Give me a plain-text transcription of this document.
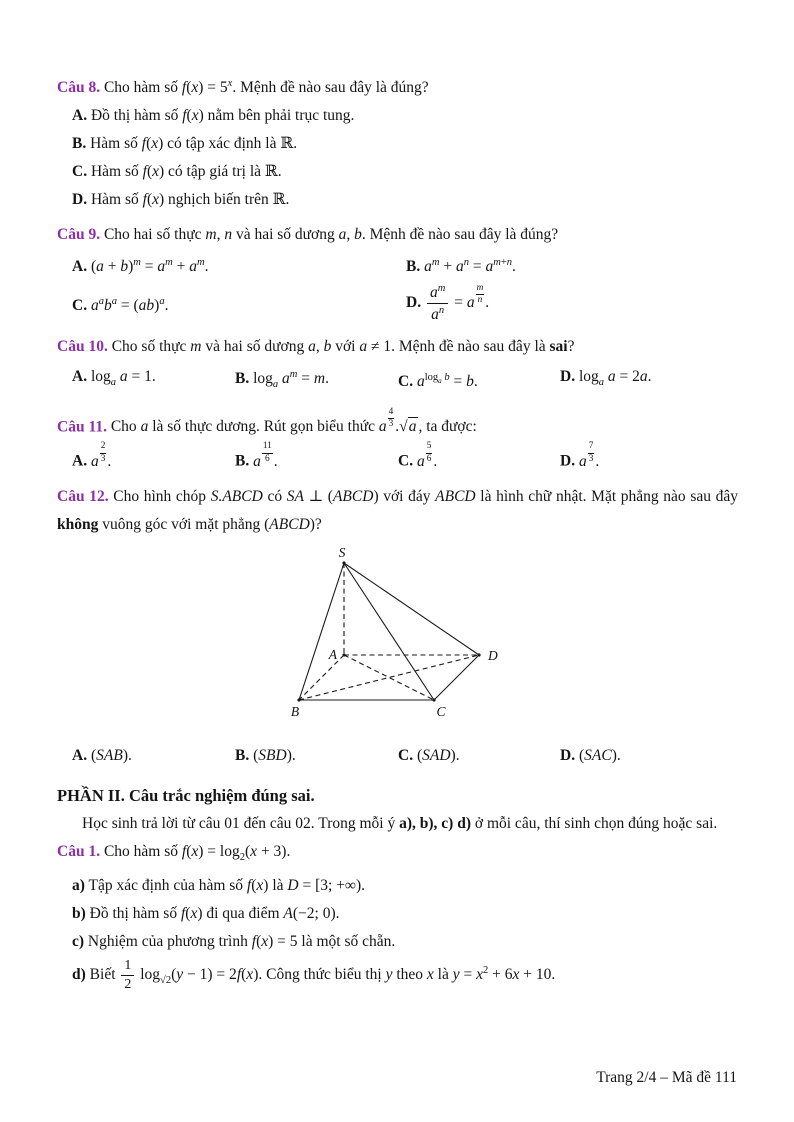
Câu 8. Cho hàm số $f(x) = 5^x$. Mệnh đề nào sau đây là đúng?

A. Đồ thị hàm số f(x) nằm bên phải trục tung.

B. Hàm số f(x) có tập xác định là ℝ.

C. Hàm số f(x) có tập giá trị là ℝ.

D. Hàm số f(x) nghịch biến trên ℝ.

Câu 9. Cho hai số thực m, n và hai số dương a, b. Mệnh đề nào sau đây là đúng?

A. $(a + b)^m = a^m + a^m$.	B. $a^m + a^n = a^{m+n}$.

C. $a^ab^a = (ab)^a$.	D. $\frac{a^m}{a^n} = a \frac{m}{n}$ .

Câu 10. Cho số thực m và hai số dương a, b với a ≠ 1. Mệnh đề nào sau đây là sai?

A. $\log_a a = 1$.	B. $\log_a a^m = m$.	C. $a^{log_a b} = b$.	D. $\log_a a = 2a$.

Câu 11. Cho a là số thực dương. Rút gọn biểu thức a $\frac{4}{3} .√a$ , ta được:

A. a $\frac{2}{3}$ .	B. a $\frac{11}{6}$ .	C. a $\frac{5}{6}$ .	D. a $\frac{7}{3}$ .

Câu 12. Cho hình chóp S.ABCD có SA ⊥ (ABCD) với đáy ABCD là hình chữ nhật. Mặt phẳng nào sau đây không vuông góc với mặt phẳng (ABCD)?

S
A
B	C
D

A. (SAB).	B. (SBD).	C. (SAD).	D. (SAC).

PHẦN II. Câu trắc nghiệm đúng sai.

Học sinh trả lời từ câu 01 đến câu 02. Trong mỗi ý a), b), c) d) ở mỗi câu, thí sinh chọn đúng hoặc sai.

Câu 1. Cho hàm số $f(x) = \log_2(x + 3)$.

a) Tập xác định của hàm số f(x) là D = [3; +∞).

b) Đồ thị hàm số f(x) đi qua điểm A(−2; 0).

c) Nghiệm của phương trình f(x) = 5 là một số chẵn.

d) Biết $\frac{1}{2} \log_{√2}(y - 1) = 2f(x)$. Công thức biểu thị y theo x là $y = x^2 + 6x + 10$.

Trang 2/4 – Mã đề 111
